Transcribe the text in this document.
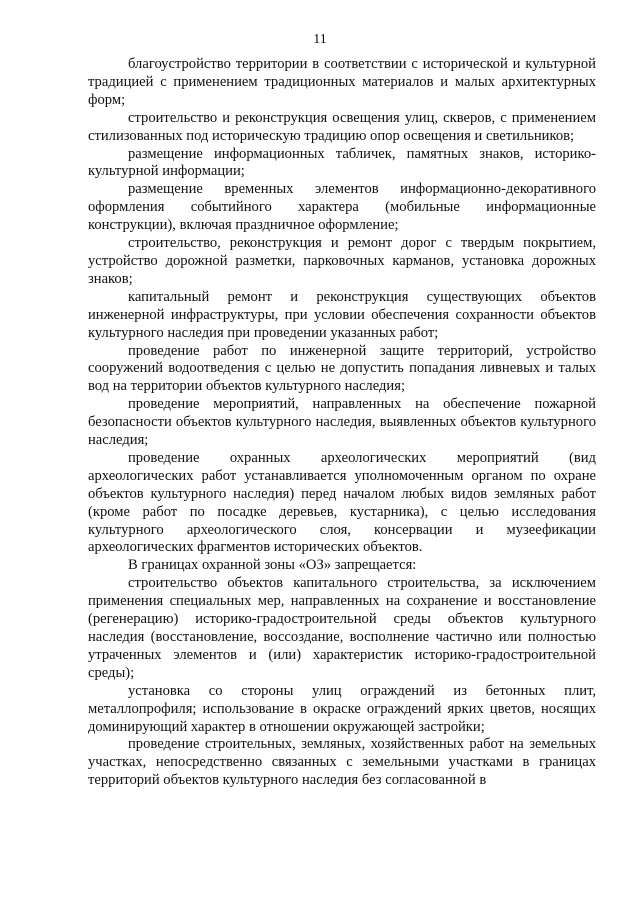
11

благоустройство территории в соответствии с исторической и культурной традицией с применением традиционных материалов и малых архитектурных форм;

строительство и реконструкция освещения улиц, скверов, с применением стилизованных под историческую традицию опор освещения и светильников;

размещение информационных табличек, памятных знаков, историко-культурной информации;

размещение временных элементов информационно-декоративного оформления событийного характера (мобильные информационные конструкции), включая праздничное оформление;

строительство, реконструкция и ремонт дорог с твердым покрытием, устройство дорожной разметки, парковочных карманов, установка дорожных знаков;

капитальный ремонт и реконструкция существующих объектов инженерной инфраструктуры, при условии обеспечения сохранности объектов культурного наследия при проведении указанных работ;

проведение работ по инженерной защите территорий, устройство сооружений водоотведения с целью не допустить попадания ливневых и талых вод на территории объектов культурного наследия;

проведение мероприятий, направленных на обеспечение пожарной безопасности объектов культурного наследия, выявленных объектов культурного наследия;

проведение охранных археологических мероприятий (вид археологических работ устанавливается уполномоченным органом по охране объектов культурного наследия) перед началом любых видов земляных работ (кроме работ по посадке деревьев, кустарника), с целью исследования культурного археологического слоя, консервации и музеефикации археологических фрагментов исторических объектов.

В границах охранной зоны «ОЗ» запрещается:

строительство объектов капитального строительства, за исключением применения специальных мер, направленных на сохранение и восстановление (регенерацию) историко-градостроительной среды объектов культурного наследия (восстановление, воссоздание, восполнение частично или полностью утраченных элементов и (или) характеристик историко-градостроительной среды);

установка со стороны улиц ограждений из бетонных плит, металлопрофиля; использование в окраске ограждений ярких цветов, носящих доминирующий характер в отношении окружающей застройки;

проведение строительных, земляных, хозяйственных работ на земельных участках, непосредственно связанных с земельными участками в границах территорий объектов культурного наследия без согласованной в
